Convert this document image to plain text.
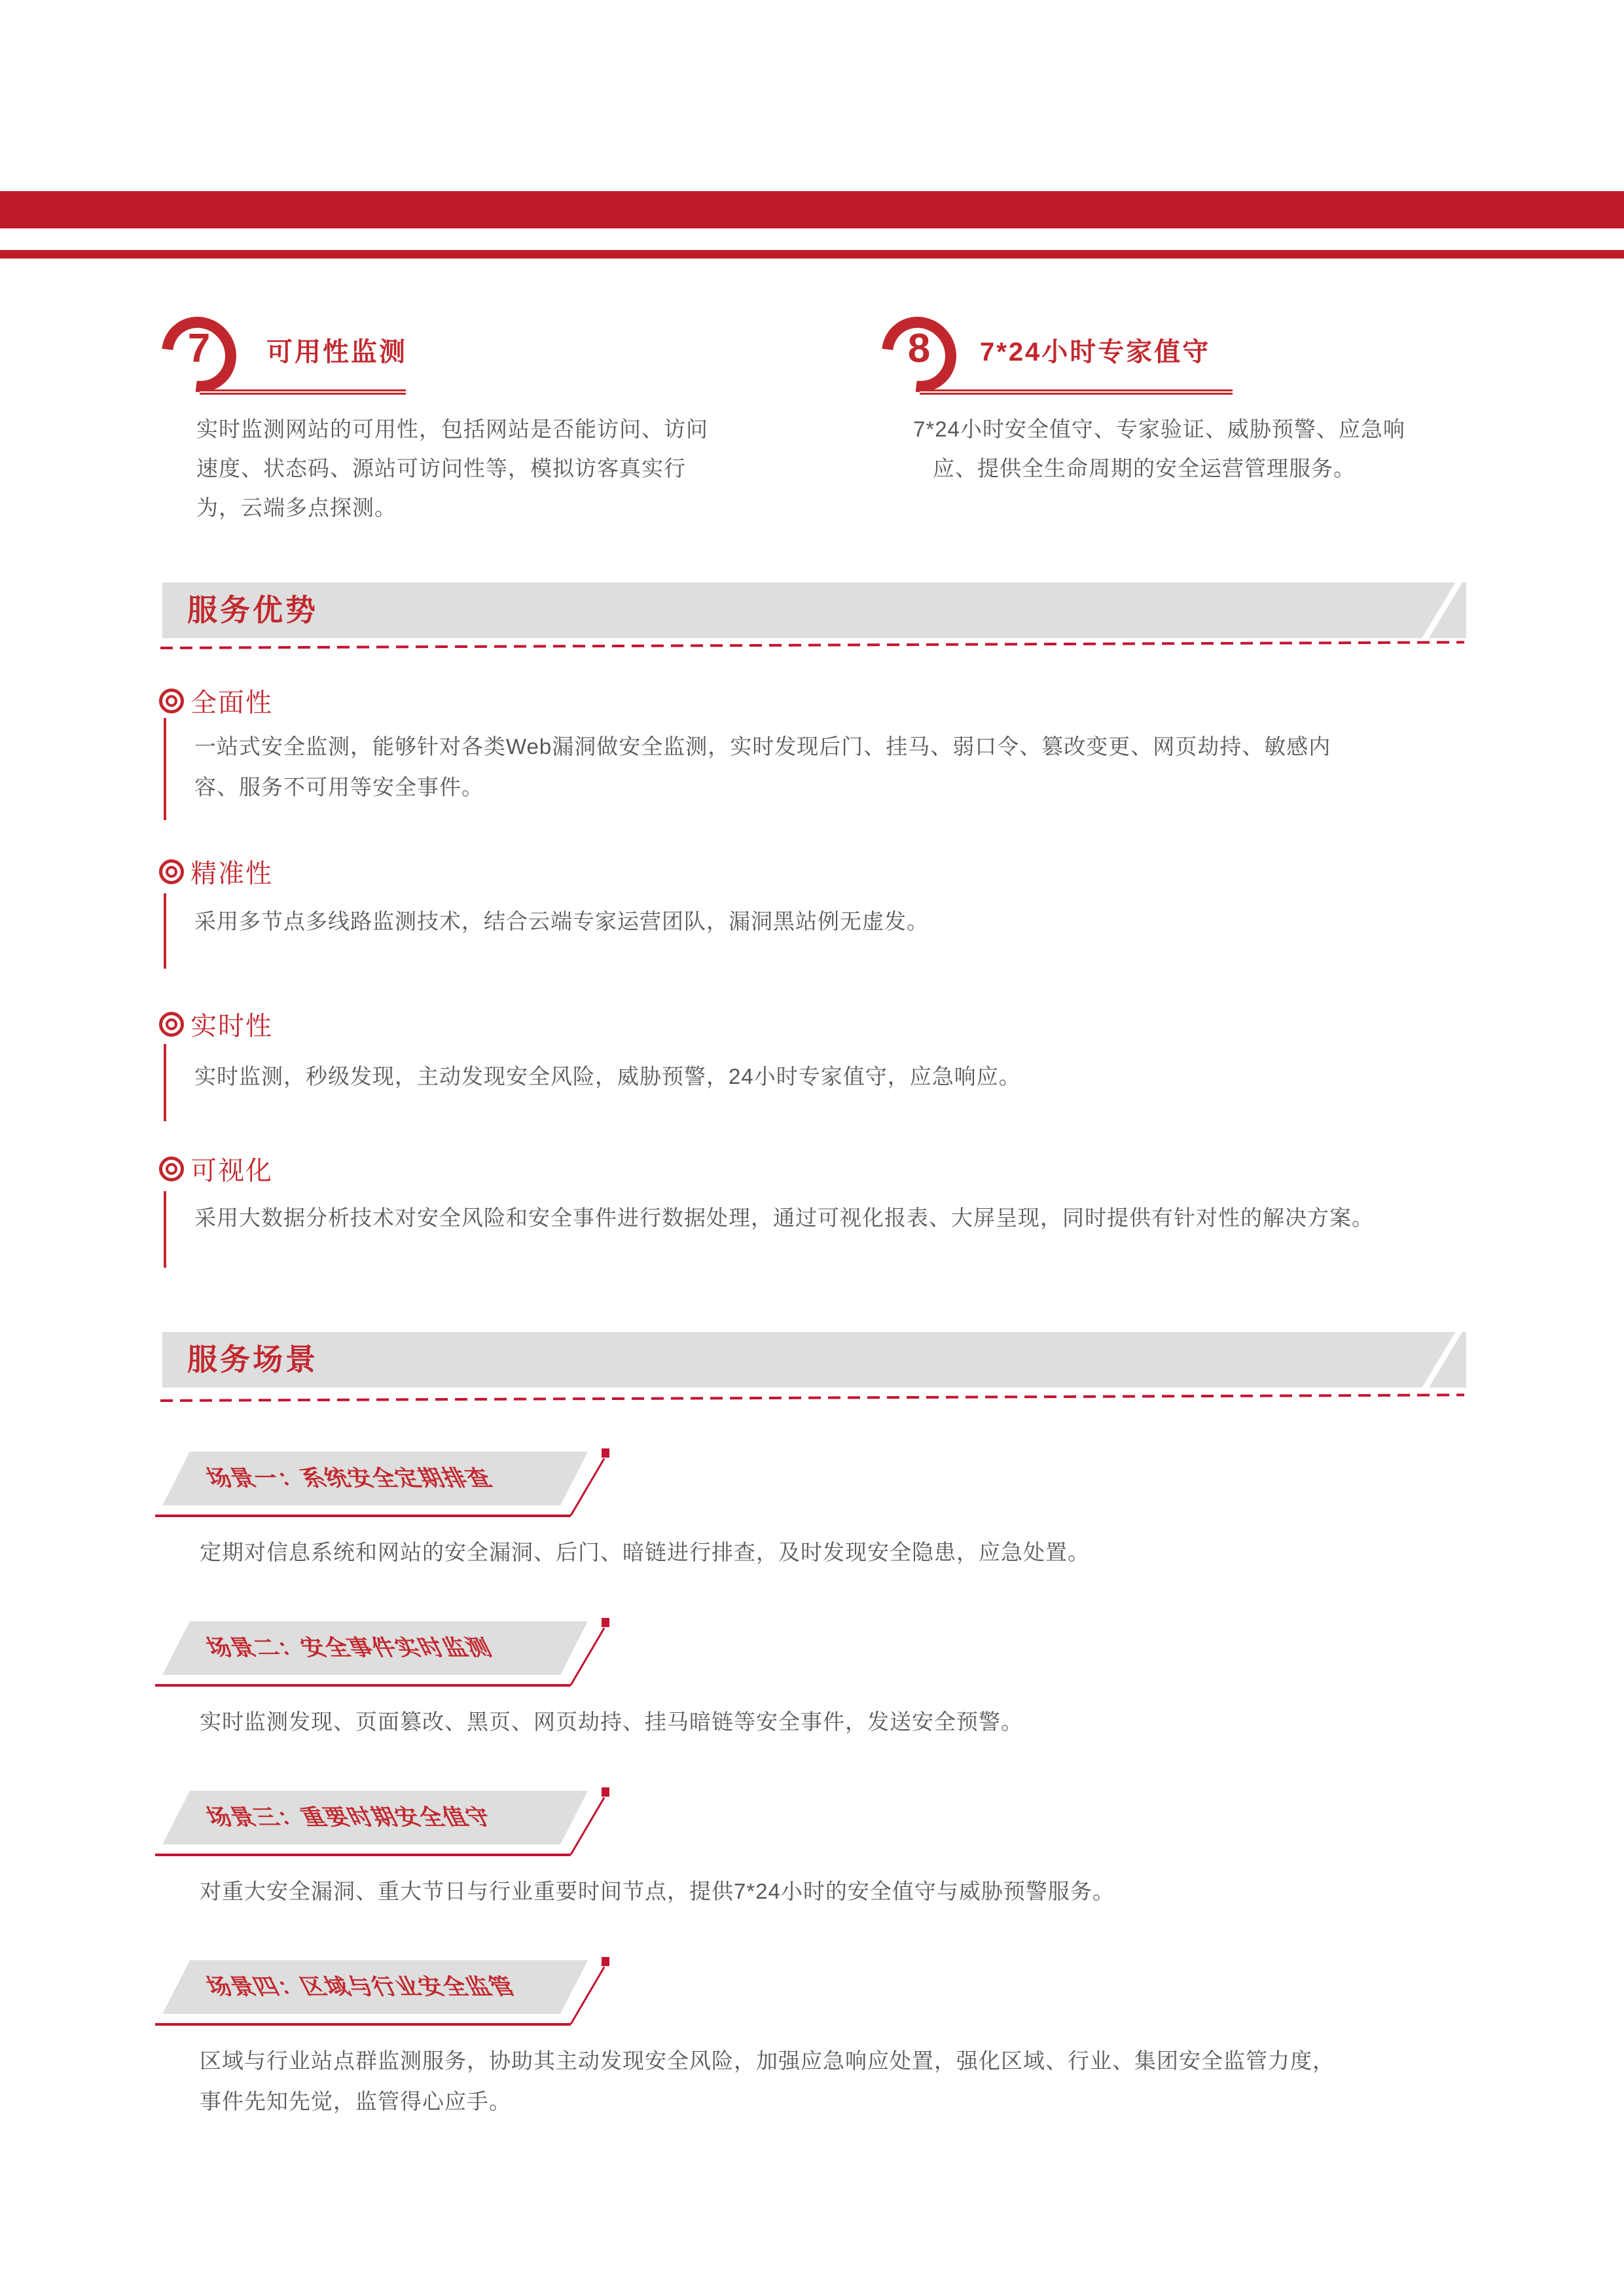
7	可用性监测
实时监测网站的可用性，包括网站是否能访问、访问
速度、状态码、源站可访问性等，模拟访客真实行
为，云端多点探测。
8	7*24小时专家值守
7*24小时安全值守、专家验证、威胁预警、应急响
应、提供全生命周期的安全运营管理服务。
服务优势
全面性
一站式安全监测，能够针对各类Web漏洞做安全监测，实时发现后门、挂马、弱口令、篡改变更、网页劫持、敏感内
容、服务不可用等安全事件。
精准性
采用多节点多线路监测技术，结合云端专家运营团队，漏洞黑站例无虚发。
实时性
实时监测，秒级发现，主动发现安全风险，威胁预警，24小时专家值守，应急响应。
可视化
采用大数据分析技术对安全风险和安全事件进行数据处理，通过可视化报表、大屏呈现，同时提供有针对性的解决方案。
服务场景
场景一：系统安全定期排查
定期对信息系统和网站的安全漏洞、后门、暗链进行排查，及时发现安全隐患，应急处置。
场景二：安全事件实时监测
实时监测发现、页面篡改、黑页、网页劫持、挂马暗链等安全事件，发送安全预警。
场景三：重要时期安全值守
对重大安全漏洞、重大节日与行业重要时间节点，提供7*24小时的安全值守与威胁预警服务。
场景四：区域与行业安全监管
区域与行业站点群监测服务，协助其主动发现安全风险，加强应急响应处置，强化区域、行业、集团安全监管力度，
事件先知先觉，监管得心应手。
